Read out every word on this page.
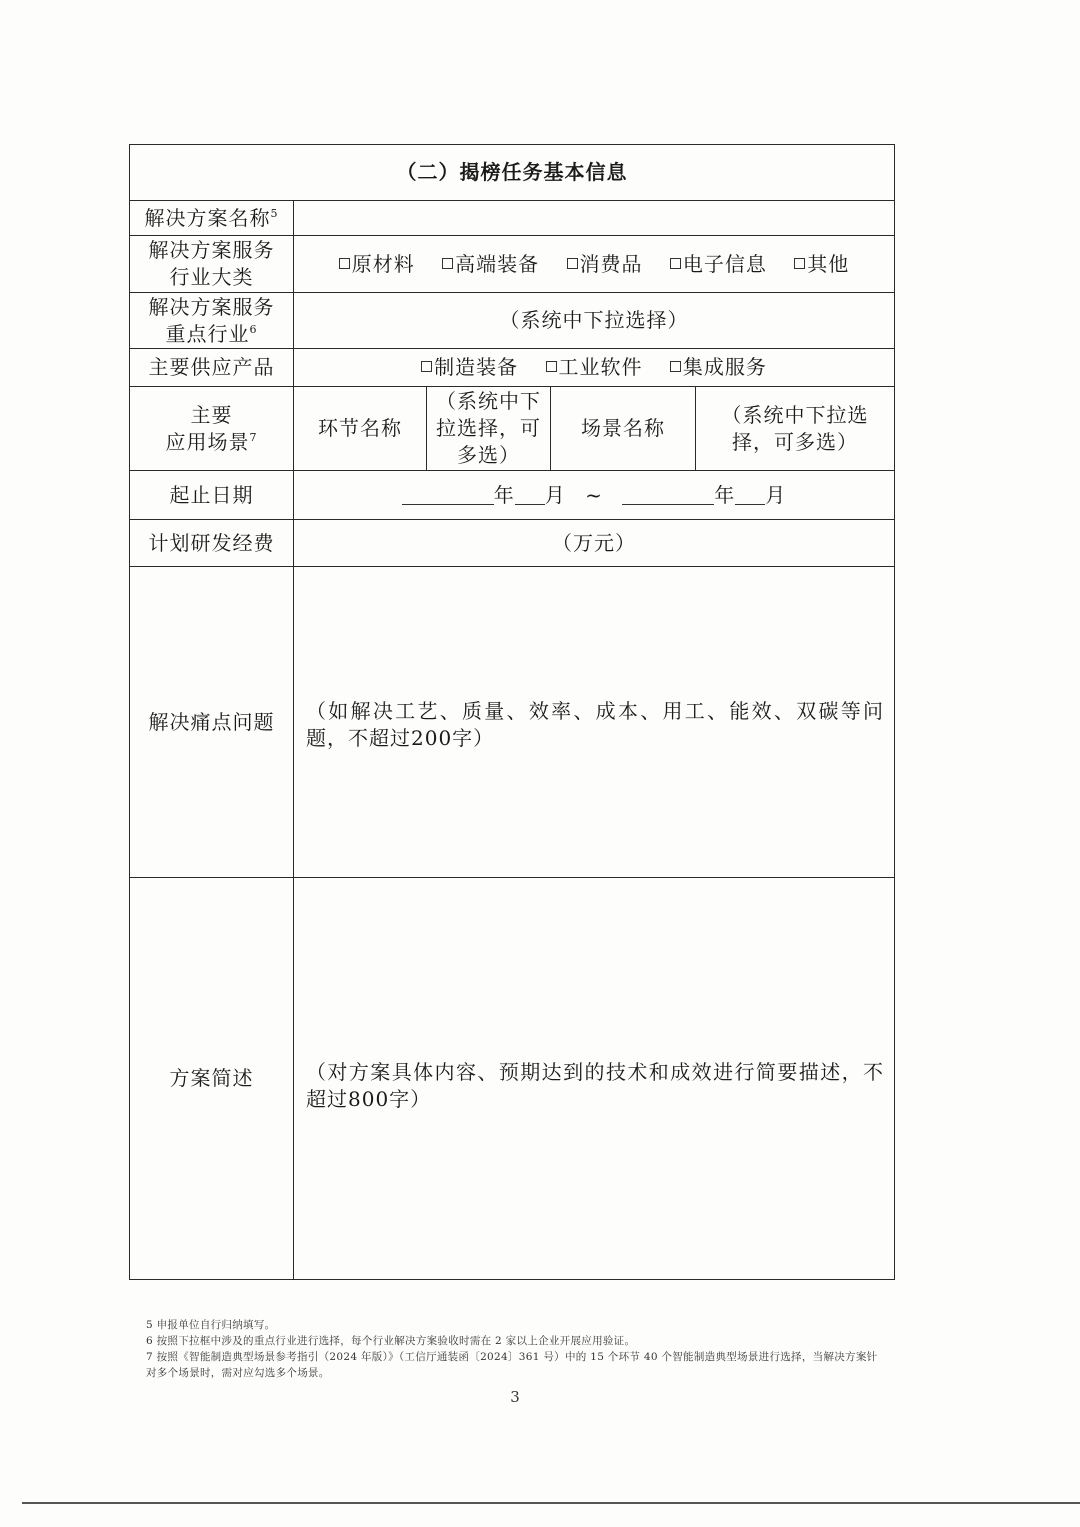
（二）揭榜任务基本信息				
解决方案名称$^5$	

解决方案服务
行业大类	原材料 高端装备 消费品 电子信息 其他			

解决方案服务
重点行业$^6$	（系统中下拉选择）			
主要供应产品	制造装备 工业软件 集成服务			

主要
应用场景$^7$	环节名称	（系统中下拉选择，可多选）	场景名称	（系统中下拉选择，可多选）
起止日期	年 月 ~ 年 月			
计划研发经费	（万元）			
解决痛点问题	（如解决工艺、质量、效率、成本、用工、能效、双碳等问题，不超过200字）			
方案简述	（对方案具体内容、预期达到的技术和成效进行简要描述，不超过800字）			
5 申报单位自行归纳填写。
6 按照下拉框中涉及的重点行业进行选择，每个行业解决方案验收时需在 2 家以上企业开展应用验证。
7 按照《智能制造典型场景参考指引（2024 年版）》（工信厅通装函〔2024〕361 号）中的 15 个环节 40 个智能制造典型场景进行选择，当解决方案针对多个场景时，需对应勾选多个场景。
3
